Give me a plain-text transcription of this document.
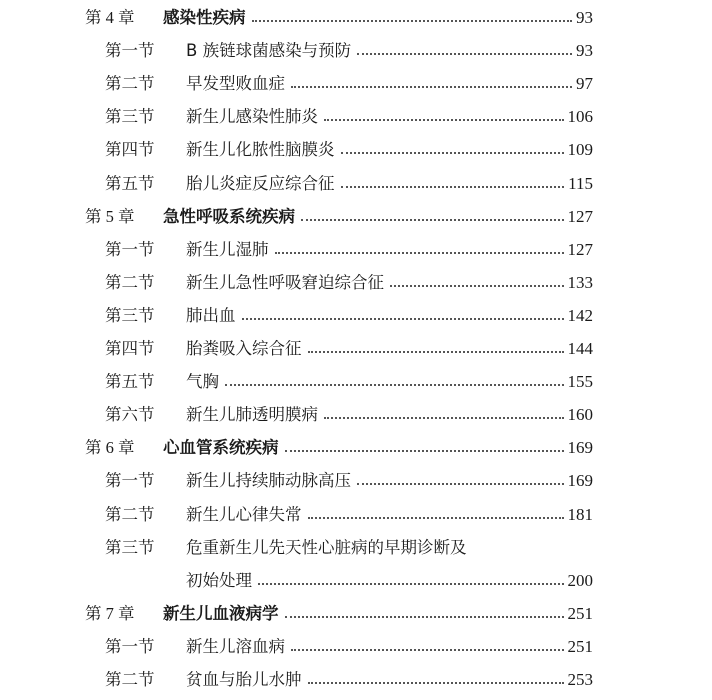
第 4 章 感染性疾病	93
第一节 B 族链球菌感染与预防	93
第二节 早发型败血症	97
第三节 新生儿感染性肺炎	106
第四节 新生儿化脓性脑膜炎	109
第五节 胎儿炎症反应综合征	115
第 5 章 急性呼吸系统疾病	127
第一节 新生儿湿肺	127
第二节 新生儿急性呼吸窘迫综合征	133
第三节 肺出血	142
第四节 胎粪吸入综合征	144
第五节 气胸	155
第六节 新生儿肺透明膜病	160
第 6 章 心血管系统疾病	169
第一节 新生儿持续肺动脉高压	169
第二节 新生儿心律失常	181
第三节 危重新生儿先天性心脏病的早期诊断及
初始处理	200
第 7 章 新生儿血液病学	251
第一节 新生儿溶血病	251
第二节 贫血与胎儿水肿	253
